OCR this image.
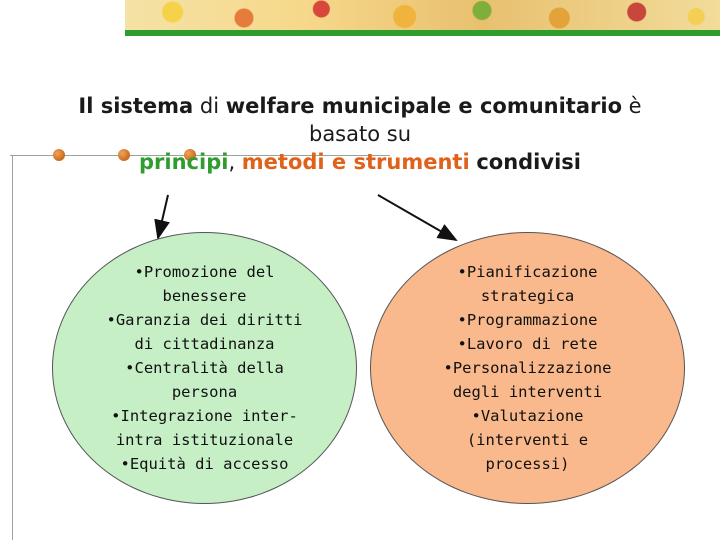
Il sistema di welfare municipale e comunitario è
basato su
principi, metodi e strumenti condivisi
•Promozione del benessere
•Garanzia dei diritti di cittadinanza
•Centralità della persona
•Integrazione inter-intra istituzionale
•Equità di accesso
•Pianificazione strategica
•Programmazione
•Lavoro di rete
•Personalizzazione degli interventi
•Valutazione (interventi e processi)
